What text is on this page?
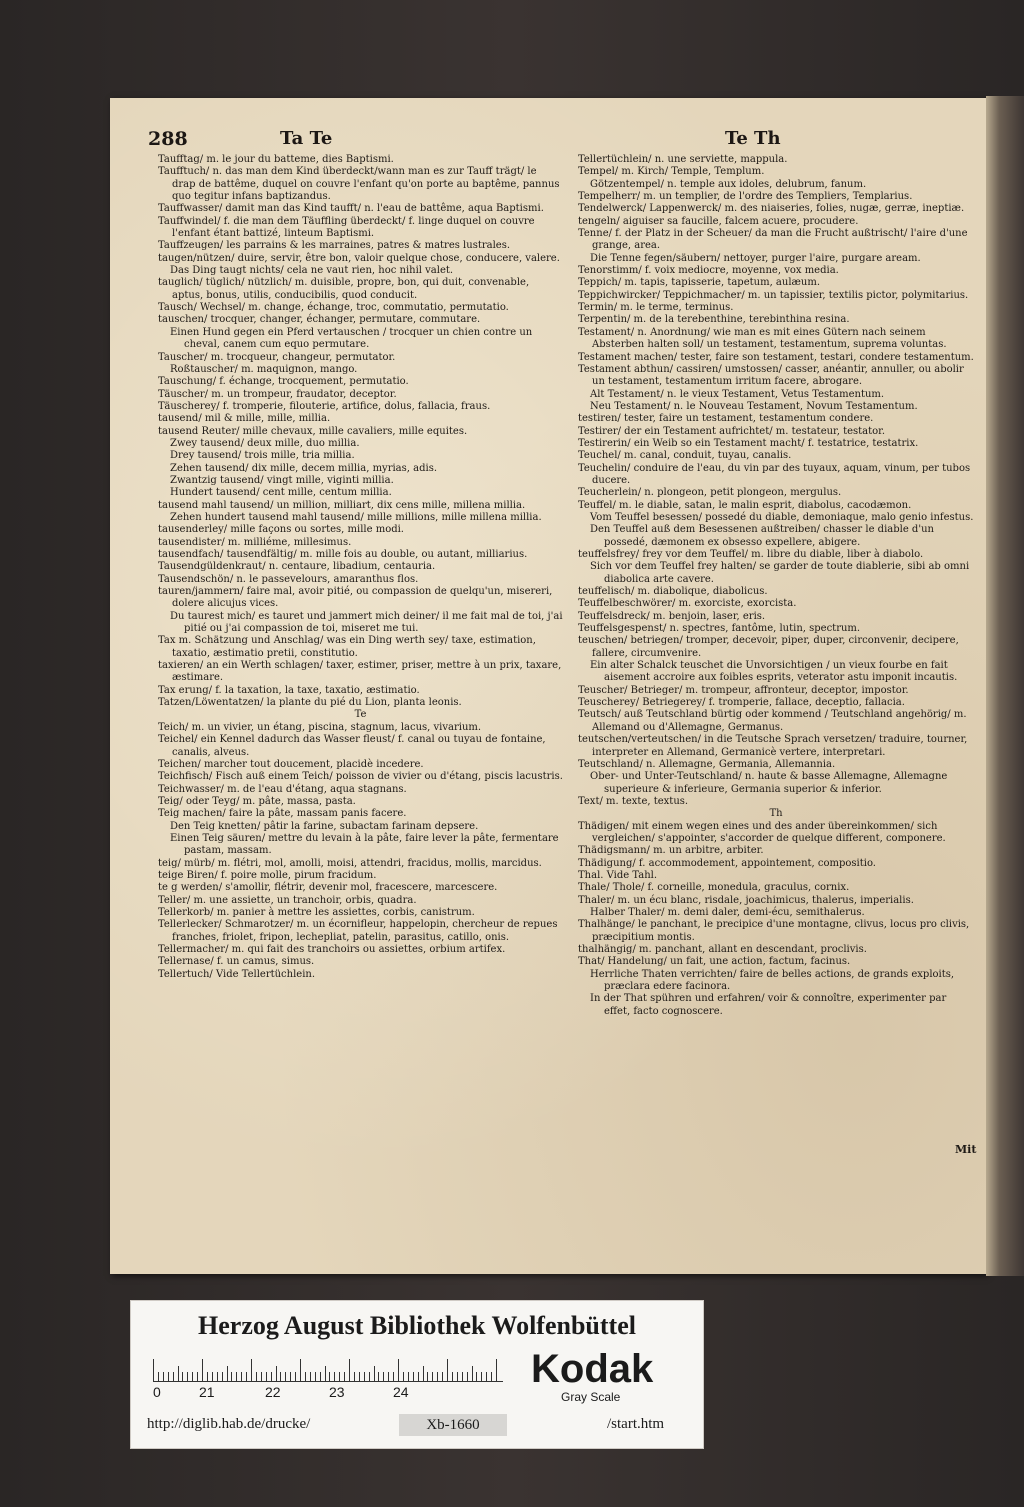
288	Ta Te	Te Th

Taufftag/ m. le jour du batteme, dies Baptismi.

Taufftuch/ n. das man dem Kind überdeckt/wann man es zur Tauff trägt/ le drap de battême, duquel on couvre l'enfant qu'on porte au baptême, pannus quo tegitur infans baptizandus.

Tauffwasser/ damit man das Kind taufft/ n. l'eau de battême, aqua Baptismi.

Tauffwindel/ f. die man dem Täuffling überdeckt/ f. linge duquel on couvre l'enfant étant battizé, linteum Baptismi.

Tauffzeugen/ les parrains & les marraines, patres & matres lustrales.

taugen/nützen/ duire, servir, être bon, valoir quelque chose, conducere, valere.

Das Ding taugt nichts/ cela ne vaut rien, hoc nihil valet.

tauglich/ tüglich/ nützlich/ m. duisible, propre, bon, qui duit, convenable, aptus, bonus, utilis, conducibilis, quod conducit.

Tausch/ Wechsel/ m. change, échange, troc, commutatio, permutatio.

tauschen/ trocquer, changer, échanger, permutare, commutare.

Einen Hund gegen ein Pferd vertauschen / trocquer un chien contre un cheval, canem cum equo permutare.

Tauscher/ m. trocqueur, changeur, permutator.

Roßtauscher/ m. maquignon, mango.

Tauschung/ f. échange, trocquement, permutatio.

Täuscher/ m. un trompeur, fraudator, deceptor.

Täuscherey/ f. tromperie, filouterie, artifice, dolus, fallacia, fraus.

tausend/ mil & mille, mille, millia.

tausend Reuter/ mille chevaux, mille cavaliers, mille equites.

Zwey tausend/ deux mille, duo millia.

Drey tausend/ trois mille, tria millia.

Zehen tausend/ dix mille, decem millia, myrias, adis.

Zwantzig tausend/ vingt mille, viginti millia.

Hundert tausend/ cent mille, centum millia.

tausend mahl tausend/ un million, milliart, dix cens mille, millena millia.

Zehen hundert tausend mahl tausend/ mille millions, mille millena millia.

tausenderley/ mille façons ou sortes, mille modi.

tausendister/ m. milliéme, millesimus.

tausendfach/ tausendfältig/ m. mille fois au double, ou autant, milliarius.

Tausendgüldenkraut/ n. centaure, libadium, centauria.

Tausendschön/ n. le passevelours, amaranthus flos.

tauren/jammern/ faire mal, avoir pitié, ou compassion de quelqu'un, misereri, dolere alicujus vices.

Du taurest mich/ es tauret und jammert mich deiner/ il me fait mal de toi, j'ai pitié ou j'ai compassion de toi, miseret me tui.

Tax m. Schätzung und Anschlag/ was ein Ding werth sey/ taxe, estimation, taxatio, æstimatio pretii, constitutio.

taxieren/ an ein Werth schlagen/ taxer, estimer, priser, mettre à un prix, taxare, æstimare.

Tax erung/ f. la taxation, la taxe, taxatio, æstimatio.

Tatzen/Löwentatzen/ la plante du pié du Lion, planta leonis.

Te

Teich/ m. un vivier, un étang, piscina, stagnum, lacus, vivarium.

Teichel/ ein Kennel dadurch das Wasser fleust/ f. canal ou tuyau de fontaine, canalis, alveus.

Teichen/ marcher tout doucement, placidè incedere.

Teichfisch/ Fisch auß einem Teich/ poisson de vivier ou d'étang, piscis lacustris.

Teichwasser/ m. de l'eau d'étang, aqua stagnans.

Teig/ oder Teyg/ m. pâte, massa, pasta.

Teig machen/ faire la pâte, massam panis facere.

Den Teig knetten/ pâtir la farine, subactam farinam depsere.

Einen Teig säuren/ mettre du levain à la pâte, faire lever la pâte, fermentare pastam, massam.

teig/ mürb/ m. flétri, mol, amolli, moisi, attendri, fracidus, mollis, marcidus.

teige Biren/ f. poire molle, pirum fracidum.

te g werden/ s'amollir, flétrir, devenir mol, fracescere, marcescere.

Teller/ m. une assiette, un tranchoir, orbis, quadra.

Tellerkorb/ m. panier à mettre les assiettes, corbis, canistrum.

Tellerlecker/ Schmarotzer/ m. un écornifleur, happelopin, chercheur de repues franches, friolet, fripon, lechepliat, patelin, parasitus, catillo, onis.

Tellermacher/ m. qui fait des tranchoirs ou assiettes, orbium artifex.

Tellernase/ f. un camus, simus.

Tellertuch/ Vide Tellertüchlein.

Tellertüchlein/ n. une serviette, mappula.

Tempel/ m. Kirch/ Temple, Templum.

Götzentempel/ n. temple aux idoles, delubrum, fanum.

Tempelherr/ m. un templier, de l'ordre des Templiers, Templarius.

Tendelwerck/ Lappenwerck/ m. des niaiseries, folies, nugæ, gerræ, ineptiæ.

tengeln/ aiguiser sa faucille, falcem acuere, procudere.

Tenne/ f. der Platz in der Scheuer/ da man die Frucht außtrischt/ l'aire d'une grange, area.

Die Tenne fegen/säubern/ nettoyer, purger l'aire, purgare aream.

Tenorstimm/ f. voix mediocre, moyenne, vox media.

Teppich/ m. tapis, tapisserie, tapetum, aulæum.

Teppichwircker/ Teppichmacher/ m. un tapissier, textilis pictor, polymitarius.

Termin/ m. le terme, terminus.

Terpentin/ m. de la terebenthine, terebinthina resina.

Testament/ n. Anordnung/ wie man es mit eines Gütern nach seinem Absterben halten soll/ un testament, testamentum, suprema voluntas.

Testament machen/ tester, faire son testament, testari, condere testamentum.

Testament abthun/ cassiren/ umstossen/ casser, anéantir, annuller, ou abolir un testament, testamentum irritum facere, abrogare.

Alt Testament/ n. le vieux Testament, Vetus Testamentum.

Neu Testament/ n. le Nouveau Testament, Novum Testamentum.

testiren/ tester, faire un testament, testamentum condere.

Testirer/ der ein Testament aufrichtet/ m. testateur, testator.

Testirerin/ ein Weib so ein Testament macht/ f. testatrice, testatrix.

Teuchel/ m. canal, conduit, tuyau, canalis.

Teuchelin/ conduire de l'eau, du vin par des tuyaux, aquam, vinum, per tubos ducere.

Teucherlein/ n. plongeon, petit plongeon, mergulus.

Teuffel/ m. le diable, satan, le malin esprit, diabolus, cacodæmon.

Vom Teuffel besessen/ possedé du diable, demoniaque, malo genio infestus.

Den Teuffel auß dem Besessenen außtreiben/ chasser le diable d'un possedé, dæmonem ex obsesso expellere, abigere.

teuffelsfrey/ frey vor dem Teuffel/ m. libre du diable, liber à diabolo.

Sich vor dem Teuffel frey halten/ se garder de toute diablerie, sibi ab omni diabolica arte cavere.

teuffelisch/ m. diabolique, diabolicus.

Teuffelbeschwörer/ m. exorciste, exorcista.

Teuffelsdreck/ m. benjoin, laser, eris.

Teuffelsgespenst/ n. spectres, fantôme, lutin, spectrum.

teuschen/ betriegen/ tromper, decevoir, piper, duper, circonvenir, decipere, fallere, circumvenire.

Ein alter Schalck teuschet die Unvorsichtigen / un vieux fourbe en fait aisement accroire aux foibles esprits, veterator astu imponit incautis.

Teuscher/ Betrieger/ m. trompeur, affronteur, deceptor, impostor.

Teuscherey/ Betriegerey/ f. tromperie, fallace, deceptio, fallacia.

Teutsch/ auß Teutschland bürtig oder kommend / Teutschland angehörig/ m. Allemand ou d'Allemagne, Germanus.

teutschen/verteutschen/ in die Teutsche Sprach versetzen/ traduire, tourner, interpreter en Allemand, Germanicè vertere, interpretari.

Teutschland/ n. Allemagne, Germania, Allemannia.

Ober- und Unter-Teutschland/ n. haute & basse Allemagne, Allemagne superieure & inferieure, Germania superior & inferior.

Text/ m. texte, textus.

Th

Thädigen/ mit einem wegen eines und des ander übereinkommen/ sich vergleichen/ s'appointer, s'accorder de quelque different, componere.

Thädigsmann/ m. un arbitre, arbiter.

Thädigung/ f. accommodement, appointement, compositio.

Thal. Vide Tahl.

Thale/ Thole/ f. corneille, monedula, graculus, cornix.

Thaler/ m. un écu blanc, risdale, joachimicus, thalerus, imperialis.

Halber Thaler/ m. demi daler, demi-écu, semithalerus.

Thalhänge/ le panchant, le precipice d'une montagne, clivus, locus pro clivis, præcipitium montis.

thalhängig/ m. panchant, allant en descendant, proclivis.

That/ Handelung/ un fait, une action, factum, facinus.

Herrliche Thaten verrichten/ faire de belles actions, de grands exploits, præclara edere facinora.

In der That spühren und erfahren/ voir & connoître, experimenter par effet, facto cognoscere.

Mit
Herzog August Bibliothek Wolfenbüttel
0	21	22	23	24
Kodak
Gray Scale
http://diglib.hab.de/drucke/	Xb-1660	/start.htm
